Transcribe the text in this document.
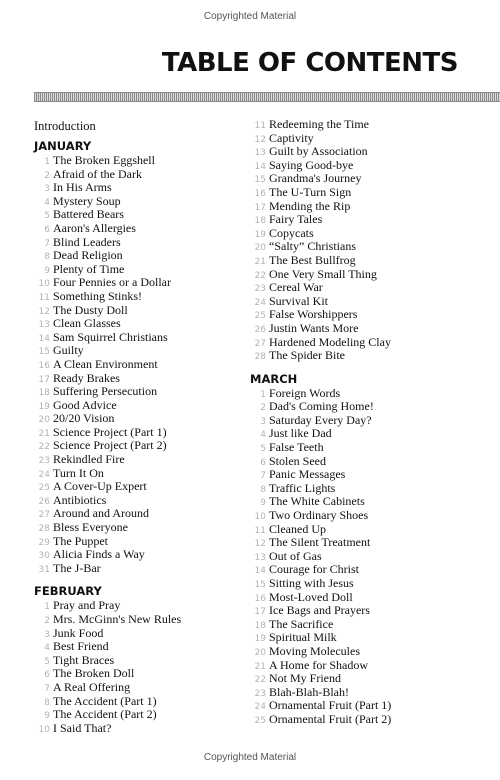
Copyrighted Material
TABLE OF CONTENTS
Introduction
JANUARY
1 The Broken Eggshell
2 Afraid of the Dark
3 In His Arms
4 Mystery Soup
5 Battered Bears
6 Aaron's Allergies
7 Blind Leaders
8 Dead Religion
9 Plenty of Time
10 Four Pennies or a Dollar
11 Something Stinks!
12 The Dusty Doll
13 Clean Glasses
14 Sam Squirrel Christians
15 Guilty
16 A Clean Environment
17 Ready Brakes
18 Suffering Persecution
19 Good Advice
20 20/20 Vision
21 Science Project (Part 1)
22 Science Project (Part 2)
23 Rekindled Fire
24 Turn It On
25 A Cover-Up Expert
26 Antibiotics
27 Around and Around
28 Bless Everyone
29 The Puppet
30 Alicia Finds a Way
31 The J-Bar
FEBRUARY
1 Pray and Pray
2 Mrs. McGinn's New Rules
3 Junk Food
4 Best Friend
5 Tight Braces
6 The Broken Doll
7 A Real Offering
8 The Accident (Part 1)
9 The Accident (Part 2)
10 I Said That?
11 Redeeming the Time
12 Captivity
13 Guilt by Association
14 Saying Good-bye
15 Grandma's Journey
16 The U-Turn Sign
17 Mending the Rip
18 Fairy Tales
19 Copycats
20 “Salty” Christians
21 The Best Bullfrog
22 One Very Small Thing
23 Cereal War
24 Survival Kit
25 False Worshippers
26 Justin Wants More
27 Hardened Modeling Clay
28 The Spider Bite
MARCH
1 Foreign Words
2 Dad's Coming Home!
3 Saturday Every Day?
4 Just like Dad
5 False Teeth
6 Stolen Seed
7 Panic Messages
8 Traffic Lights
9 The White Cabinets
10 Two Ordinary Shoes
11 Cleaned Up
12 The Silent Treatment
13 Out of Gas
14 Courage for Christ
15 Sitting with Jesus
16 Most-Loved Doll
17 Ice Bags and Prayers
18 The Sacrifice
19 Spiritual Milk
20 Moving Molecules
21 A Home for Shadow
22 Not My Friend
23 Blah-Blah-Blah!
24 Ornamental Fruit (Part 1)
25 Ornamental Fruit (Part 2)
Copyrighted Material
